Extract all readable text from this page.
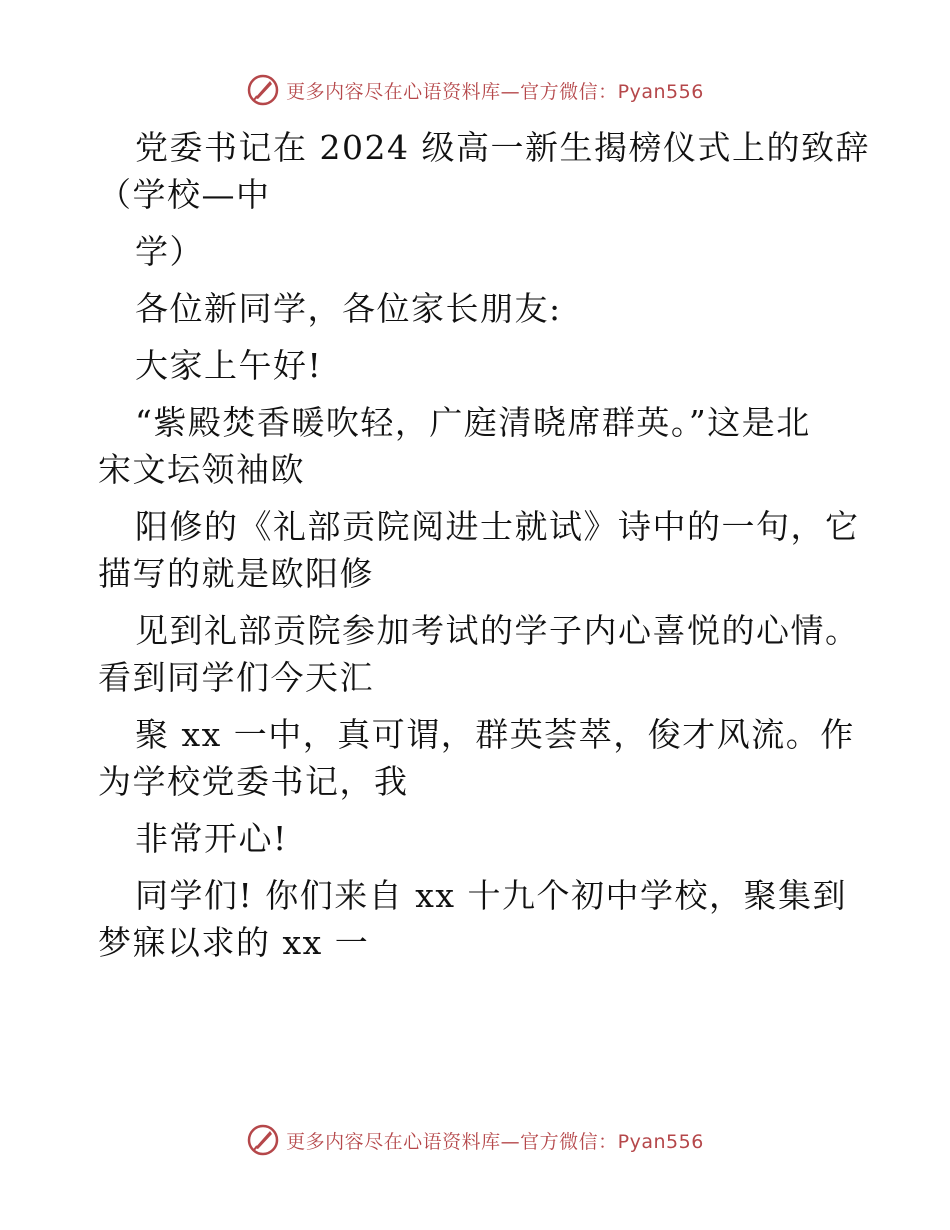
更多内容尽在心语资料库—官方微信：Pyan556
党委书记在 2024 级高一新生揭榜仪式上的致辞
（学校—中
学）
各位新同学，各位家长朋友:
大家上午好!
“紫殿焚香暖吹轻，广庭清晓席群英。”这是北
宋文坛领袖欧
阳修的《礼部贡院阅进士就试》诗中的一句，它
描写的就是欧阳修
见到礼部贡院参加考试的学子内心喜悦的心情。
看到同学们今天汇
聚 xx 一中，真可谓，群英荟萃，俊才风流。作
为学校党委书记，我
非常开心!
同学们! 你们来自 xx 十九个初中学校，聚集到
梦寐以求的 xx 一
更多内容尽在心语资料库—官方微信：Pyan556
